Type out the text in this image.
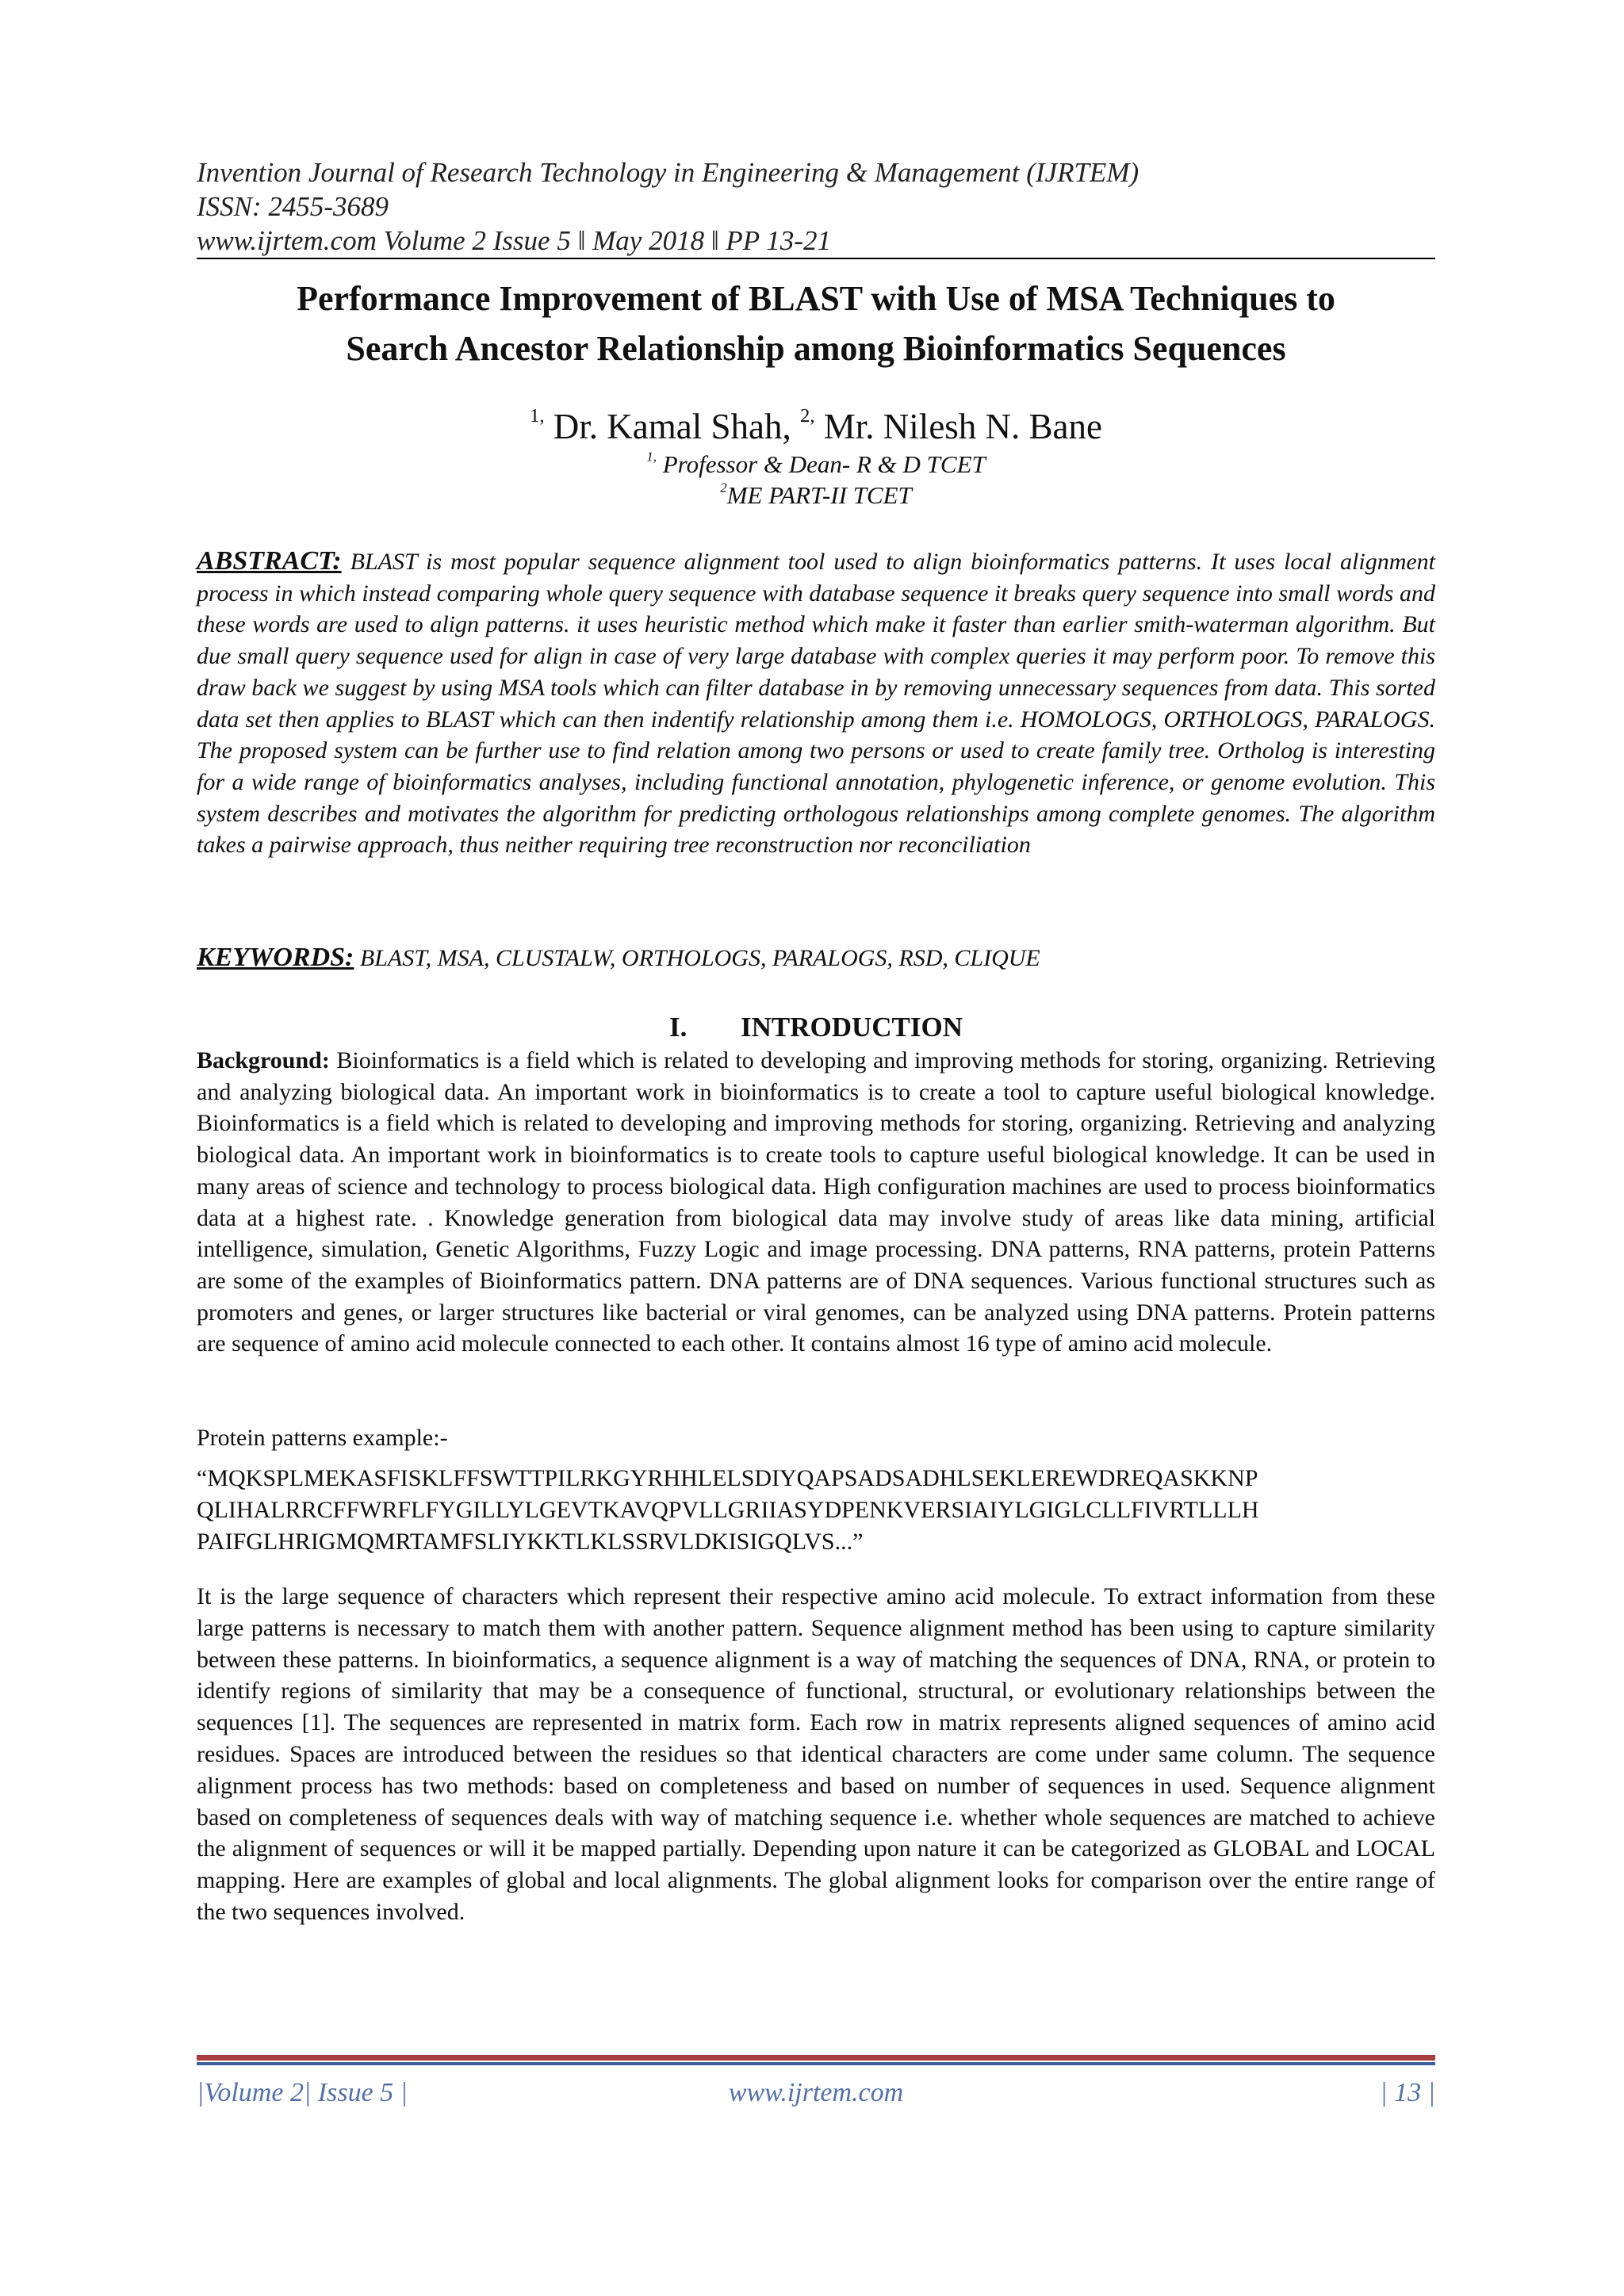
Invention Journal of Research Technology in Engineering & Management (IJRTEM)
ISSN: 2455-3689
www.ijrtem.com Volume 2 Issue 5 ǁ May 2018 ǁ PP 13-21
Performance Improvement of BLAST with Use of MSA Techniques to
Search Ancestor Relationship among Bioinformatics Sequences
$^{1,}$ Dr. Kamal Shah, $^{2,}$ Mr. Nilesh N. Bane
$^{1,}$ Professor & Dean- R & D TCET
$^2$ME PART-II TCET
ABSTRACT: BLAST is most popular sequence alignment tool used to align bioinformatics patterns. It uses local alignment process in which instead comparing whole query sequence with database sequence it breaks query sequence into small words and these words are used to align patterns. it uses heuristic method which make it faster than earlier smith-waterman algorithm. But due small query sequence used for align in case of very large database with complex queries it may perform poor. To remove this draw back we suggest by using MSA tools which can filter database in by removing unnecessary sequences from data. This sorted data set then applies to BLAST which can then indentify relationship among them i.e. HOMOLOGS, ORTHOLOGS, PARALOGS. The proposed system can be further use to find relation among two persons or used to create family tree. Ortholog is interesting for a wide range of bioinformatics analyses, including functional annotation, phylogenetic inference, or genome evolution. This system describes and motivates the algorithm for predicting orthologous relationships among complete genomes. The algorithm takes a pairwise approach, thus neither requiring tree reconstruction nor reconciliation
KEYWORDS: BLAST, MSA, CLUSTALW, ORTHOLOGS, PARALOGS, RSD, CLIQUE
I. INTRODUCTION
Background: Bioinformatics is a field which is related to developing and improving methods for storing, organizing. Retrieving and analyzing biological data. An important work in bioinformatics is to create a tool to capture useful biological knowledge. Bioinformatics is a field which is related to developing and improving methods for storing, organizing. Retrieving and analyzing biological data. An important work in bioinformatics is to create tools to capture useful biological knowledge. It can be used in many areas of science and technology to process biological data. High configuration machines are used to process bioinformatics data at a highest rate. . Knowledge generation from biological data may involve study of areas like data mining, artificial intelligence, simulation, Genetic Algorithms, Fuzzy Logic and image processing. DNA patterns, RNA patterns, protein Patterns are some of the examples of Bioinformatics pattern. DNA patterns are of DNA sequences. Various functional structures such as promoters and genes, or larger structures like bacterial or viral genomes, can be analyzed using DNA patterns. Protein patterns are sequence of amino acid molecule connected to each other. It contains almost 16 type of amino acid molecule.
Protein patterns example:-
“MQKSPLMEKASFISKLFFSWTTPILRKGYRHHLELSDIYQAPSADSADHLSEKLEREWDREQASKKNP
QLIHALRRCFFWRFLFYGILLYLGEVTKAVQPVLLGRIIASYDPENKVERSIAIYLGIGLCLLFIVRTLLLH
PAIFGLHRIGMQMRTAMFSLIYKKTLKLSSRVLDKISIGQLVS...”
It is the large sequence of characters which represent their respective amino acid molecule. To extract information from these large patterns is necessary to match them with another pattern. Sequence alignment method has been using to capture similarity between these patterns. In bioinformatics, a sequence alignment is a way of matching the sequences of DNA, RNA, or protein to identify regions of similarity that may be a consequence of functional, structural, or evolutionary relationships between the sequences [1]. The sequences are represented in matrix form. Each row in matrix represents aligned sequences of amino acid residues. Spaces are introduced between the residues so that identical characters are come under same column. The sequence alignment process has two methods: based on completeness and based on number of sequences in used. Sequence alignment based on completeness of sequences deals with way of matching sequence i.e. whether whole sequences are matched to achieve the alignment of sequences or will it be mapped partially. Depending upon nature it can be categorized as GLOBAL and LOCAL mapping. Here are examples of global and local alignments. The global alignment looks for comparison over the entire range of the two sequences involved.
|Volume 2| Issue 5 |	www.ijrtem.com	| 13 |
